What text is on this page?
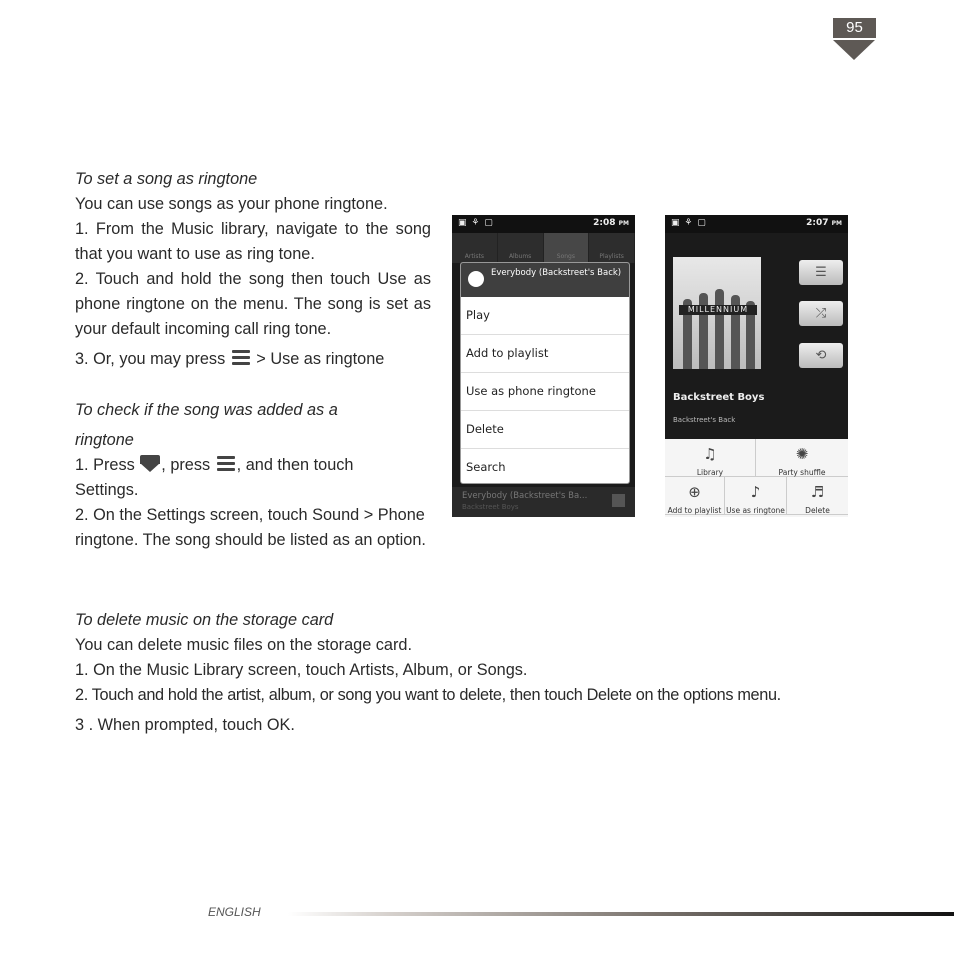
95
To set a song as ringtone
You can use songs as your phone ringtone.
1. From the Music library, navigate to the song that you want to use as ring tone.
2. Touch and hold the song then touch Use as phone ringtone on the menu. The song is set as your default incoming call ring tone.
3. Or, you may press > Use as ringtone
To check if the song was added as a
ringtone
1. Press , press , and then touch
Settings.
2. On the Settings screen, touch Sound > Phone ringtone. The song should be listed as an option.
To delete music on the storage card
You can delete music files on the storage card.
1. On the Music Library screen, touch Artists, Album, or Songs.
2. Touch and hold the artist, album, or song you want to delete, then touch Delete on the options menu.
3 . When prompted, touch OK.
▣ ⚘ ▢	2:08 PM
Artists	Albums	Songs	Playlists
Everybody (Backstreet's Back)
Play
Add to playlist
Use as phone ringtone
Delete
Search
Everybody (Backstreet's Ba...
Backstreet Boys
▣ ⚘ ▢	2:07 PM
MILLENNIUM
☰
⤮
⟲
Backstreet Boys
Backstreet's Back
♫
Library
✺
Party shuffle
⊕
Add to playlist
♪
Use as ringtone
♬
Delete
ENGLISH
